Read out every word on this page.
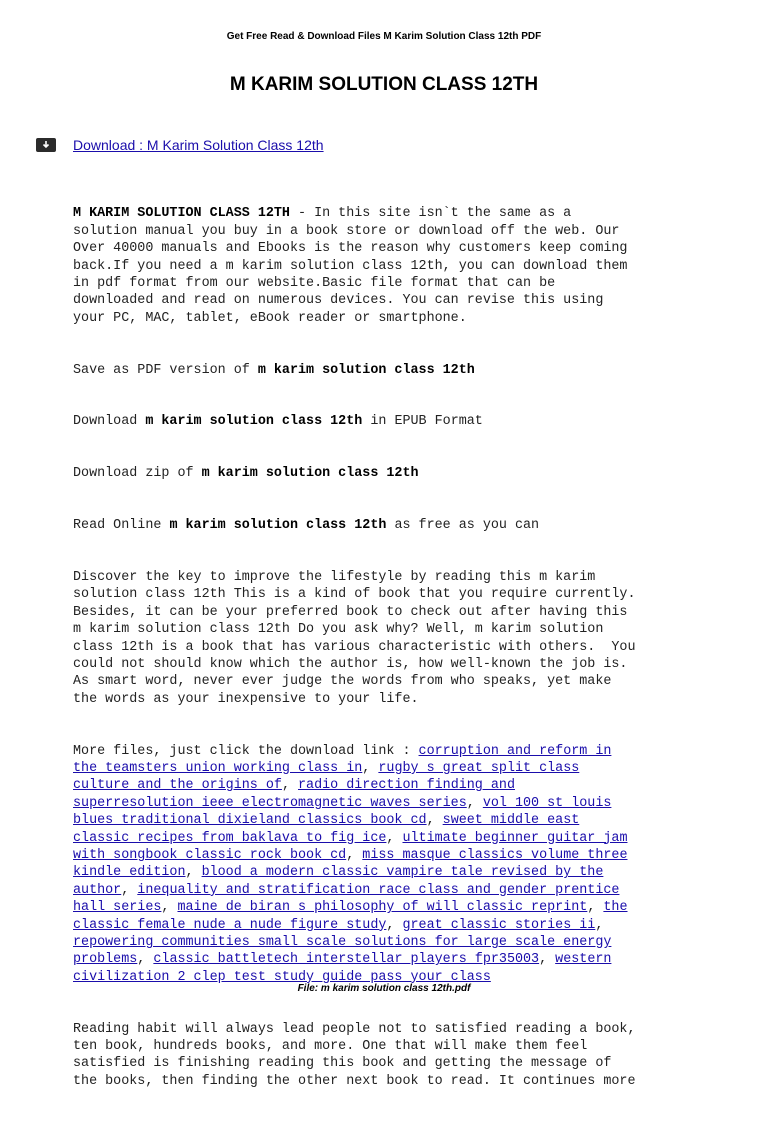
Get Free Read & Download Files M Karim Solution Class 12th PDF
M KARIM SOLUTION CLASS 12TH
Download : M Karim Solution Class 12th

M KARIM SOLUTION CLASS 12TH - In this site isn`t the same as a
solution manual you buy in a book store or download off the web. Our
Over 40000 manuals and Ebooks is the reason why customers keep coming
back.If you need a m karim solution class 12th, you can download them
in pdf format from our website.Basic file format that can be
downloaded and read on numerous devices. You can revise this using
your PC, MAC, tablet, eBook reader or smartphone.

Save as PDF version of m karim solution class 12th

Download m karim solution class 12th in EPUB Format

Download zip of m karim solution class 12th

Read Online m karim solution class 12th as free as you can

Discover the key to improve the lifestyle by reading this m karim
solution class 12th This is a kind of book that you require currently.
Besides, it can be your preferred book to check out after having this
m karim solution class 12th Do you ask why? Well, m karim solution
class 12th is a book that has various characteristic with others.  You
could not should know which the author is, how well-known the job is.
As smart word, never ever judge the words from who speaks, yet make
the words as your inexpensive to your life.

More files, just click the download link : corruption and reform in
the teamsters union working class in, rugby s great split class
culture and the origins of, radio direction finding and
superresolution ieee electromagnetic waves series, vol 100 st louis
blues traditional dixieland classics book cd, sweet middle east
classic recipes from baklava to fig ice, ultimate beginner guitar jam
with songbook classic rock book cd, miss masque classics volume three
kindle edition, blood a modern classic vampire tale revised by the
author, inequality and stratification race class and gender prentice
hall series, maine de biran s philosophy of will classic reprint, the
classic female nude a nude figure study, great classic stories ii,
repowering communities small scale solutions for large scale energy
problems, classic battletech interstellar players fpr35003, western
civilization 2 clep test study guide pass your class

Reading habit will always lead people not to satisfied reading a book,
ten book, hundreds books, and more. One that will make them feel
satisfied is finishing reading this book and getting the message of
the books, then finding the other next book to read. It continues more

File: m karim solution class 12th.pdf
